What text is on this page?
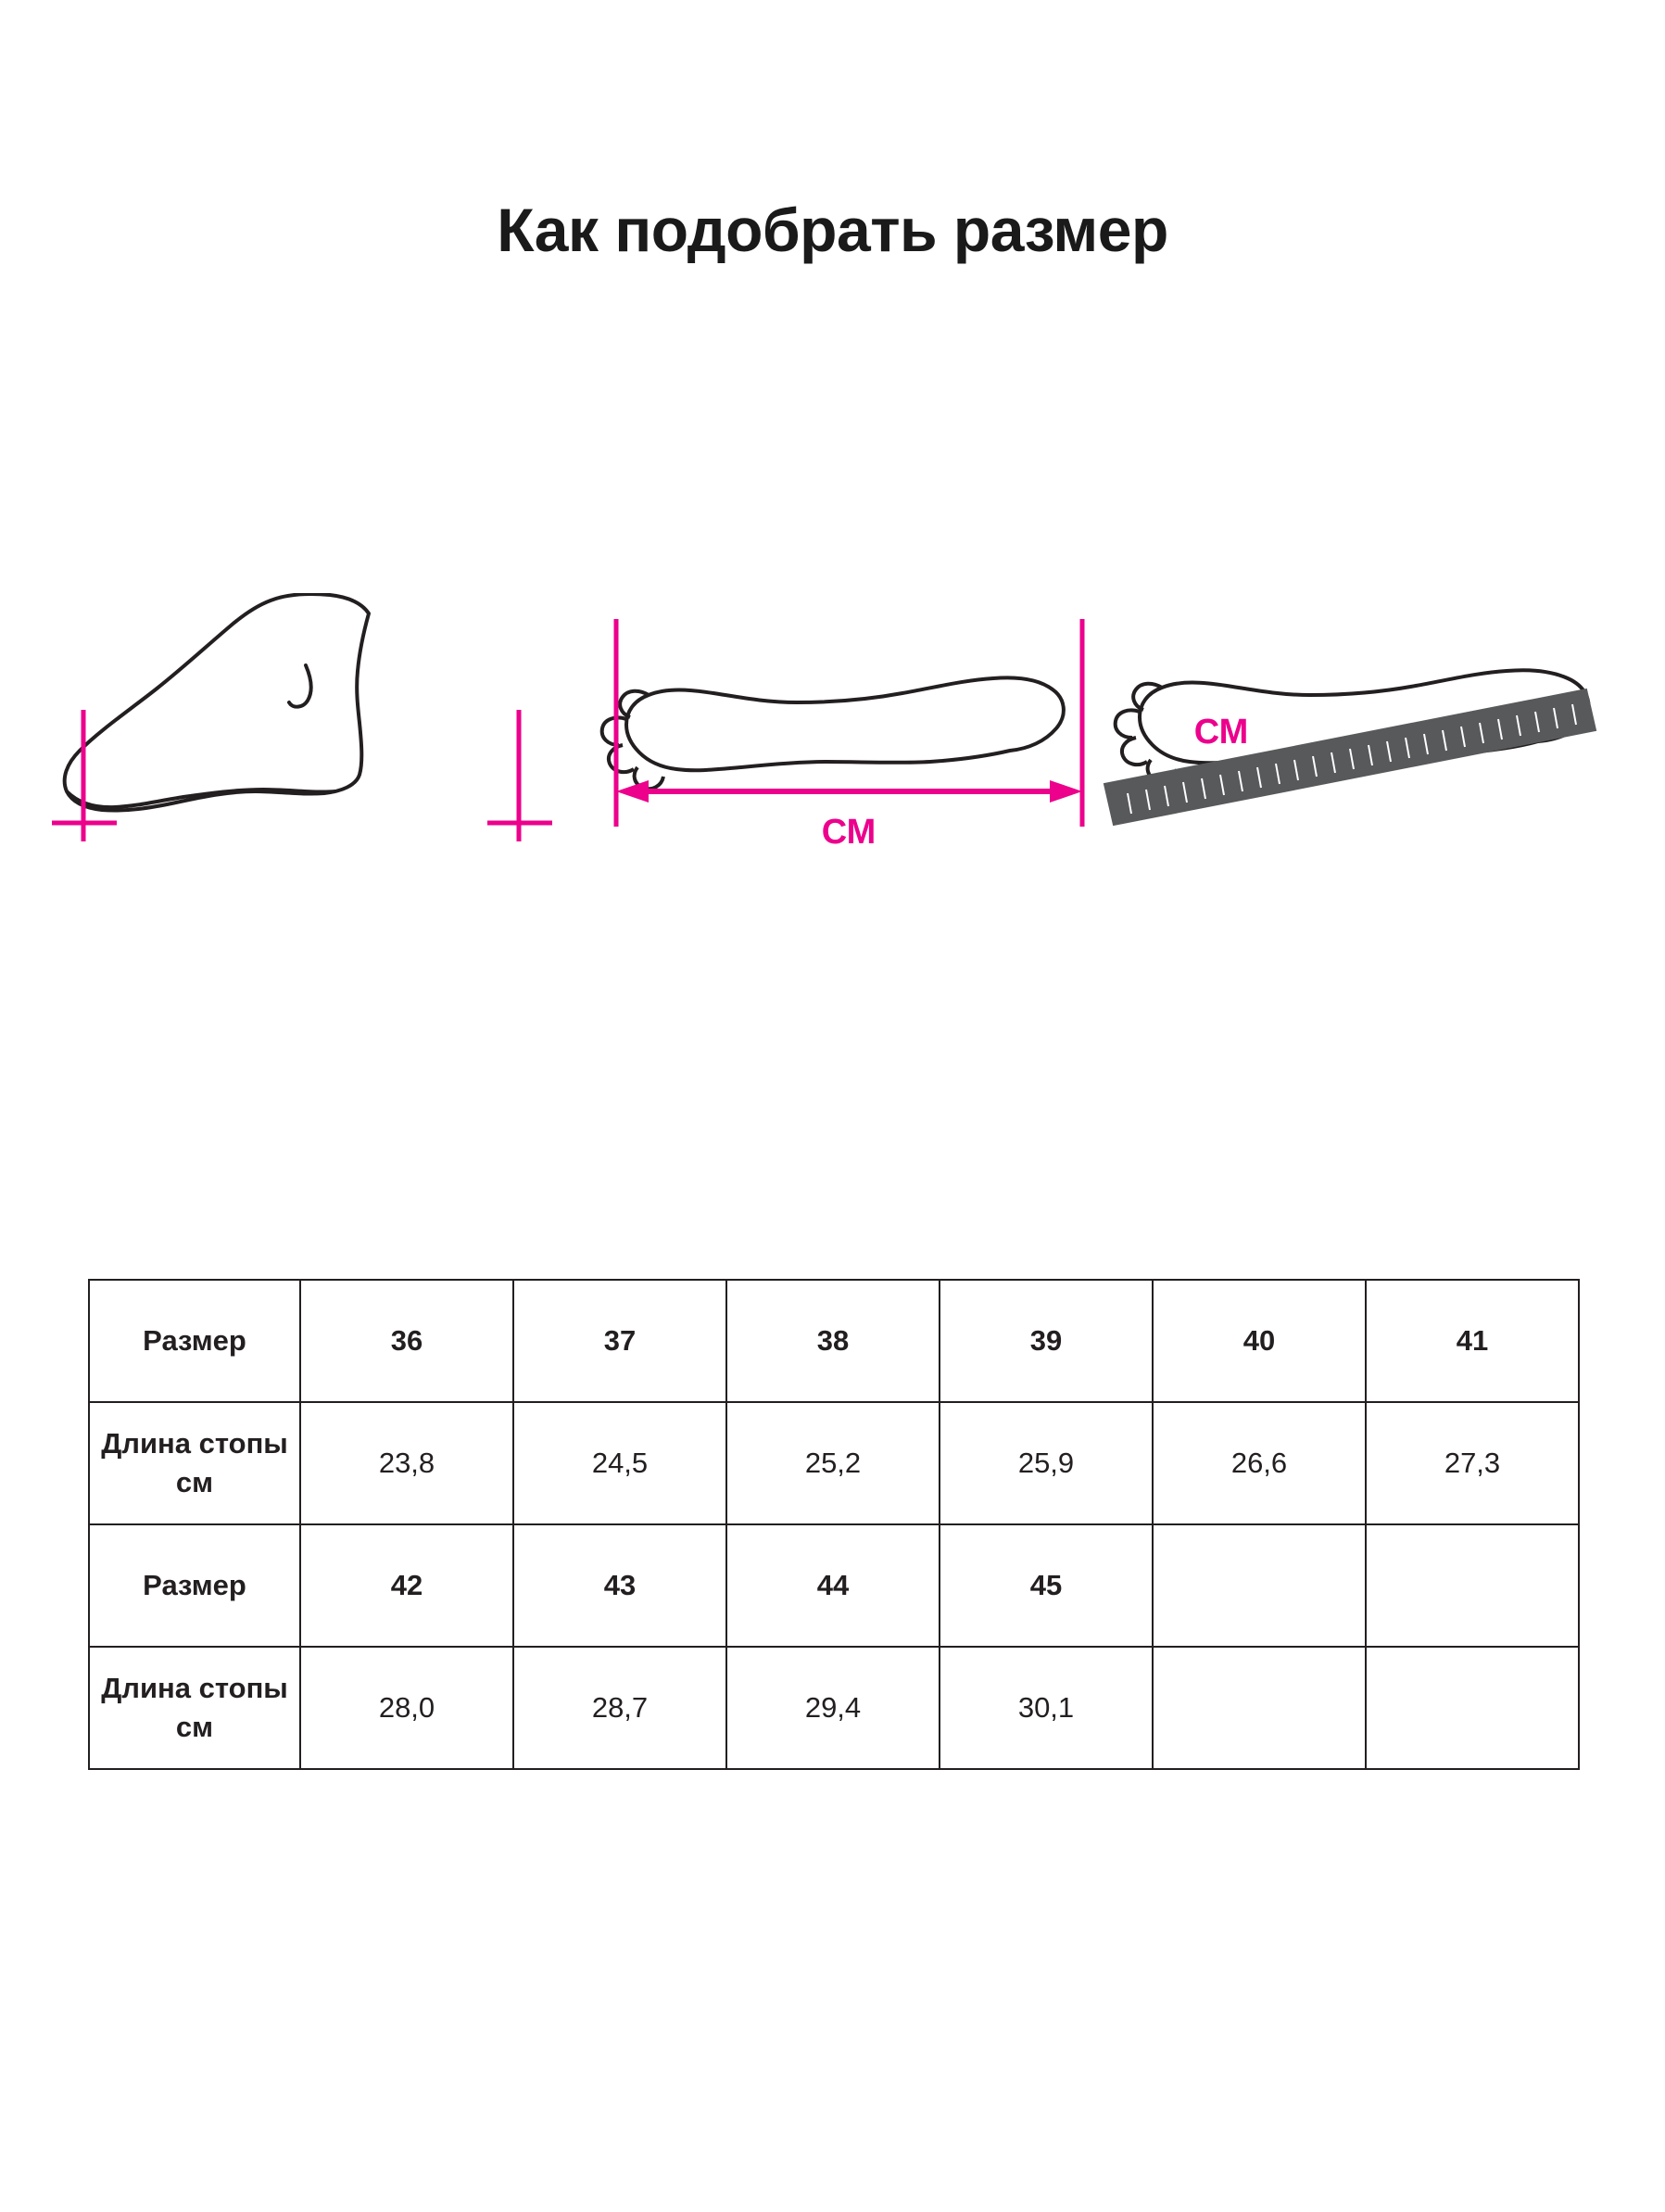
Как подобрать размер
СМ
СМ
Размер	36	37	38	39	40	41
Длина стопы
см	23,8	24,5	25,2	25,9	26,6	27,3
Размер	42	43	44	45		
Длина стопы
см	28,0	28,7	29,4	30,1		
